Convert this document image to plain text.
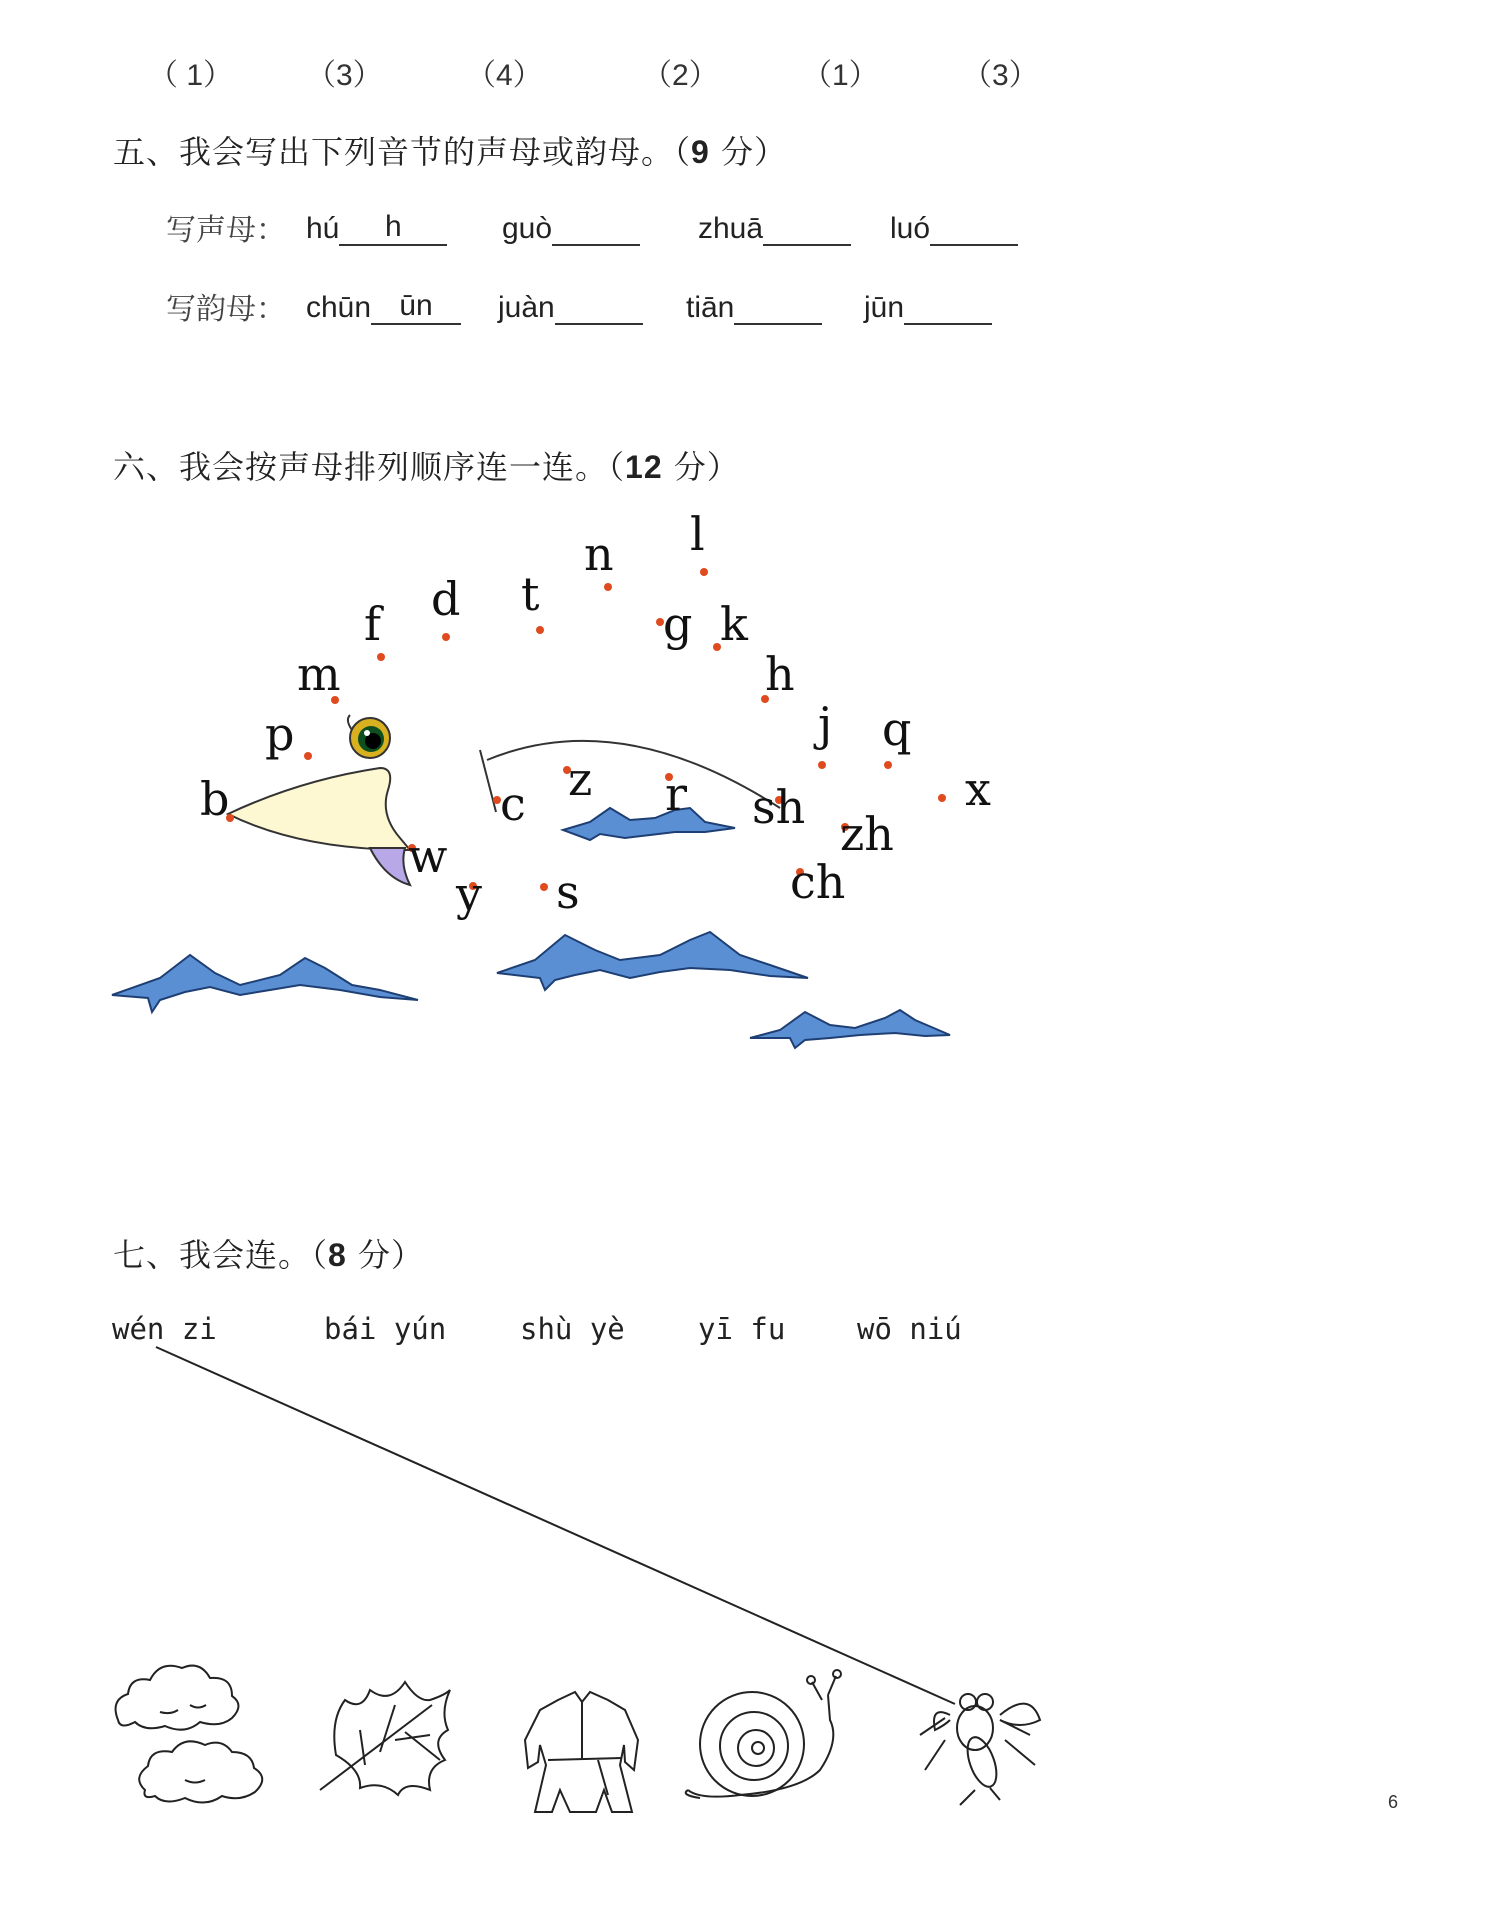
（ 1） （3）	（4）	（2）	（1）	（3）
五、我会写出下列音节的声母或韵母。（9 分）
写声母： hú h	guò	zhuā	luó
写韵母： chūn ūn	juàn	tiān	jūn
六、我会按声母排列顺序连一连。（12 分）
b
p
m
f d t
n l
g k
h
j q
x
zh
ch
sh
r
z
c
s
y
w
七、我会连。（8 分）
wén zi	bái yún	shù yè	yī fu wō niú
6
